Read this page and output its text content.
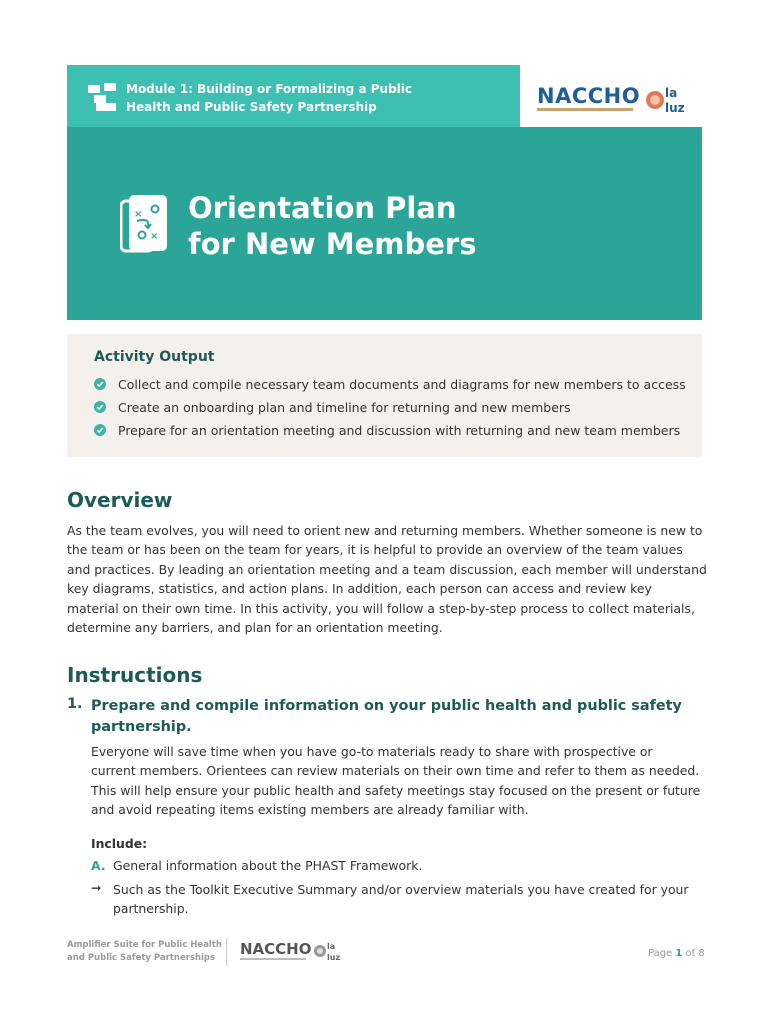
Module 1: Building or Formalizing a Public
Health and Public Safety Partnership	NACCHO la
luz
×
×
Orientation Plan
for New Members
Activity Output
Collect and compile necessary team documents and diagrams for new members to access
Create an onboarding plan and timeline for returning and new members
Prepare for an orientation meeting and discussion with returning and new team members
Overview
As the team evolves, you will need to orient new and returning members. Whether someone is new to the team or has been on the team for years, it is helpful to provide an overview of the team values and practices. By leading an orientation meeting and a team discussion, each member will understand key diagrams, statistics, and action plans. In addition, each person can access and review key material on their own time. In this activity, you will follow a step-by-step process to collect materials, determine any barriers, and plan for an orientation meeting.
Instructions
1. Prepare and compile information on your public health and public safety partnership.
Everyone will save time when you have go-to materials ready to share with prospective or current members. Orientees can review materials on their own time and refer to them as needed. This will help ensure your public health and safety meetings stay focused on the present or future and avoid repeating items existing members are already familiar with.
Include:
A. General information about the PHAST Framework.
➞ Such as the Toolkit Executive Summary and/or overview materials you have created for your partnership.
Amplifier Suite for Public Health
and Public Safety Partnerships	NACCHO la
luz	Page 1 of 8
